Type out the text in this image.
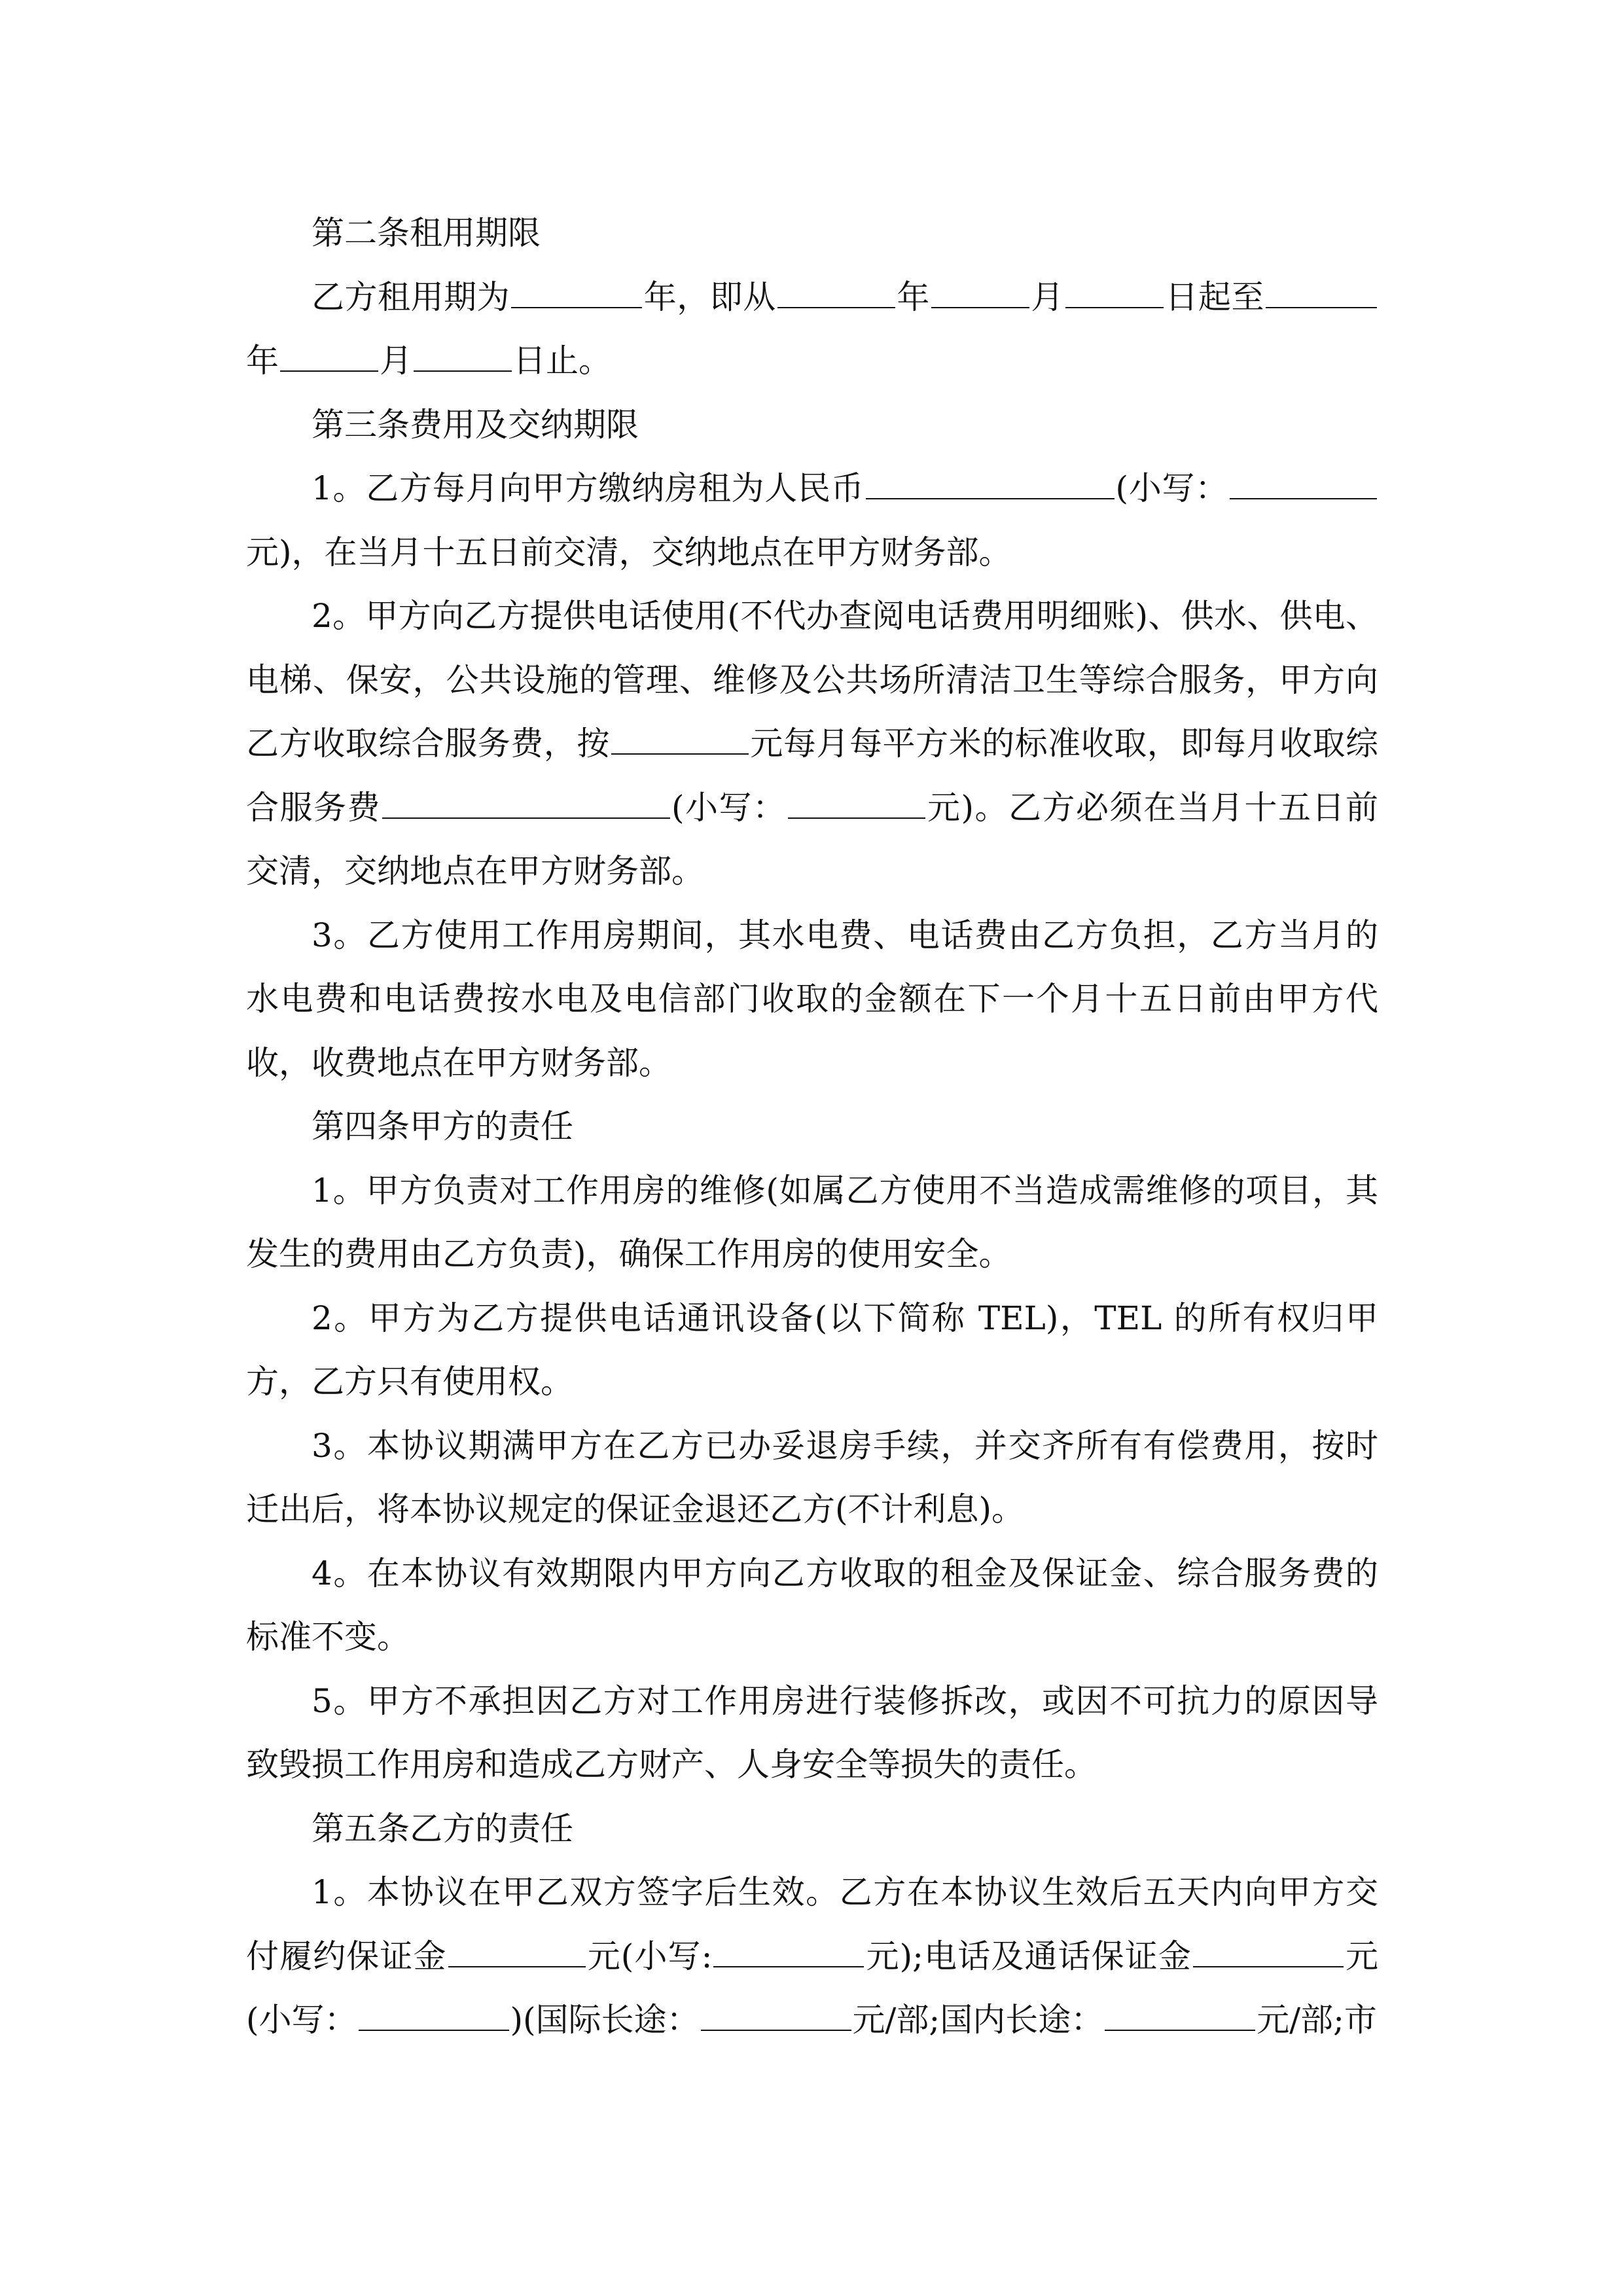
第二条租用期限

乙方租用期为	年，即从	年	月	日起至年	月	日止。

第三条费用及交纳期限

1。乙方每月向甲方缴纳房租为人民币	(小写：元)，在当月十五日前交清，交纳地点在甲方财务部。

2。甲方向乙方提供电话使用(不代办查阅电话费用明细账)、供水、供电、电梯、保安，公共设施的管理、维修及公共场所清洁卫生等综合服务，甲方向乙方收取综合服务费，按	元每月每平方米的标准收取，即每月收取综合服务费	(小写：	元)。乙方必须在当月十五日前交清，交纳地点在甲方财务部。

3。乙方使用工作用房期间，其水电费、电话费由乙方负担，乙方当月的水电费和电话费按水电及电信部门收取的金额在下一个月十五日前由甲方代收，收费地点在甲方财务部。

第四条甲方的责任

1。甲方负责对工作用房的维修(如属乙方使用不当造成需维修的项目，其发生的费用由乙方负责)，确保工作用房的使用安全。

2。甲方为乙方提供电话通讯设备(以下简称 TEL)，TEL 的所有权归甲方，乙方只有使用权。

3。本协议期满甲方在乙方已办妥退房手续，并交齐所有有偿费用，按时迁出后，将本协议规定的保证金退还乙方(不计利息)。

4。在本协议有效期限内甲方向乙方收取的租金及保证金、综合服务费的标准不变。

5。甲方不承担因乙方对工作用房进行装修拆改，或因不可抗力的原因导致毁损工作用房和造成乙方财产、人身安全等损失的责任。

第五条乙方的责任

1。本协议在甲乙双方签字后生效。乙方在本协议生效后五天内向甲方交付履约保证金	元(小写:	元);电话及通话保证金	元(小写：	)(国际长途：	元/部;国内长途：	元/部;市
